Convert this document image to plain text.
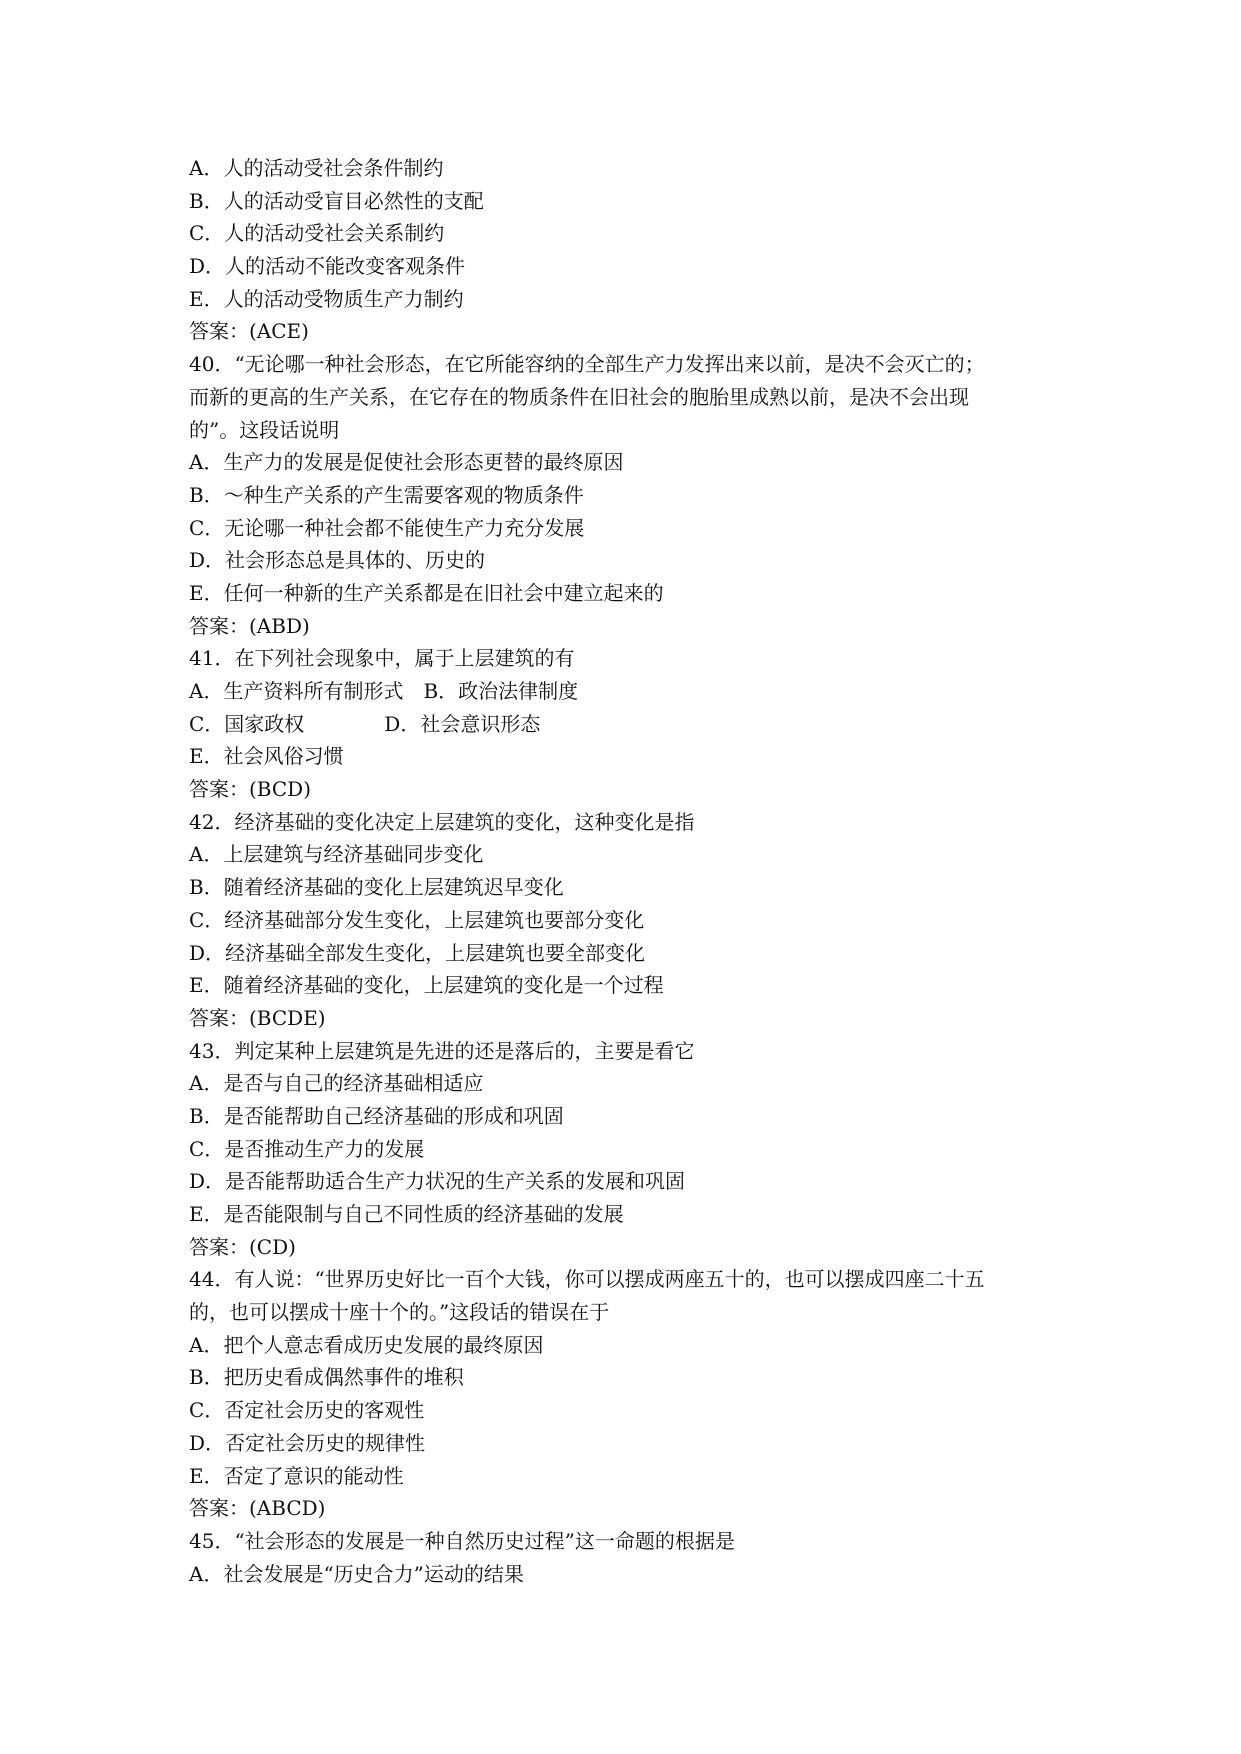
A．人的活动受社会条件制约
B．人的活动受盲目必然性的支配
C．人的活动受社会关系制约
D．人的活动不能改变客观条件
E．人的活动受物质生产力制约
答案：(ACE)
40．“无论哪一种社会形态，在它所能容纳的全部生产力发挥出来以前，是决不会灭亡的；
而新的更高的生产关系，在它存在的物质条件在旧社会的胞胎里成熟以前，是决不会出现
的”。这段话说明
A．生产力的发展是促使社会形态更替的最终原因
B．～种生产关系的产生需要客观的物质条件
C．无论哪一种社会都不能使生产力充分发展
D．社会形态总是具体的、历史的
E．任何一种新的生产关系都是在旧社会中建立起来的
答案：(ABD)
41．在下列社会现象中，属于上层建筑的有
A．生产资料所有制形式　B．政治法律制度
C．国家政权　　　　D．社会意识形态
E．社会风俗习惯
答案：(BCD)
42．经济基础的变化决定上层建筑的变化，这种变化是指
A．上层建筑与经济基础同步变化
B．随着经济基础的变化上层建筑迟早变化
C．经济基础部分发生变化，上层建筑也要部分变化
D．经济基础全部发生变化，上层建筑也要全部变化
E．随着经济基础的变化，上层建筑的变化是一个过程
答案：(BCDE)
43．判定某种上层建筑是先进的还是落后的，主要是看它
A．是否与自己的经济基础相适应
B．是否能帮助自己经济基础的形成和巩固
C．是否推动生产力的发展
D．是否能帮助适合生产力状况的生产关系的发展和巩固
E．是否能限制与自己不同性质的经济基础的发展
答案：(CD)
44．有人说：“世界历史好比一百个大钱，你可以摆成两座五十的，也可以摆成四座二十五
的，也可以摆成十座十个的。”这段话的错误在于
A．把个人意志看成历史发展的最终原因
B．把历史看成偶然事件的堆积
C．否定社会历史的客观性
D．否定社会历史的规律性
E．否定了意识的能动性
答案：(ABCD)
45．“社会形态的发展是一种自然历史过程”这一命题的根据是
A．社会发展是“历史合力”运动的结果
